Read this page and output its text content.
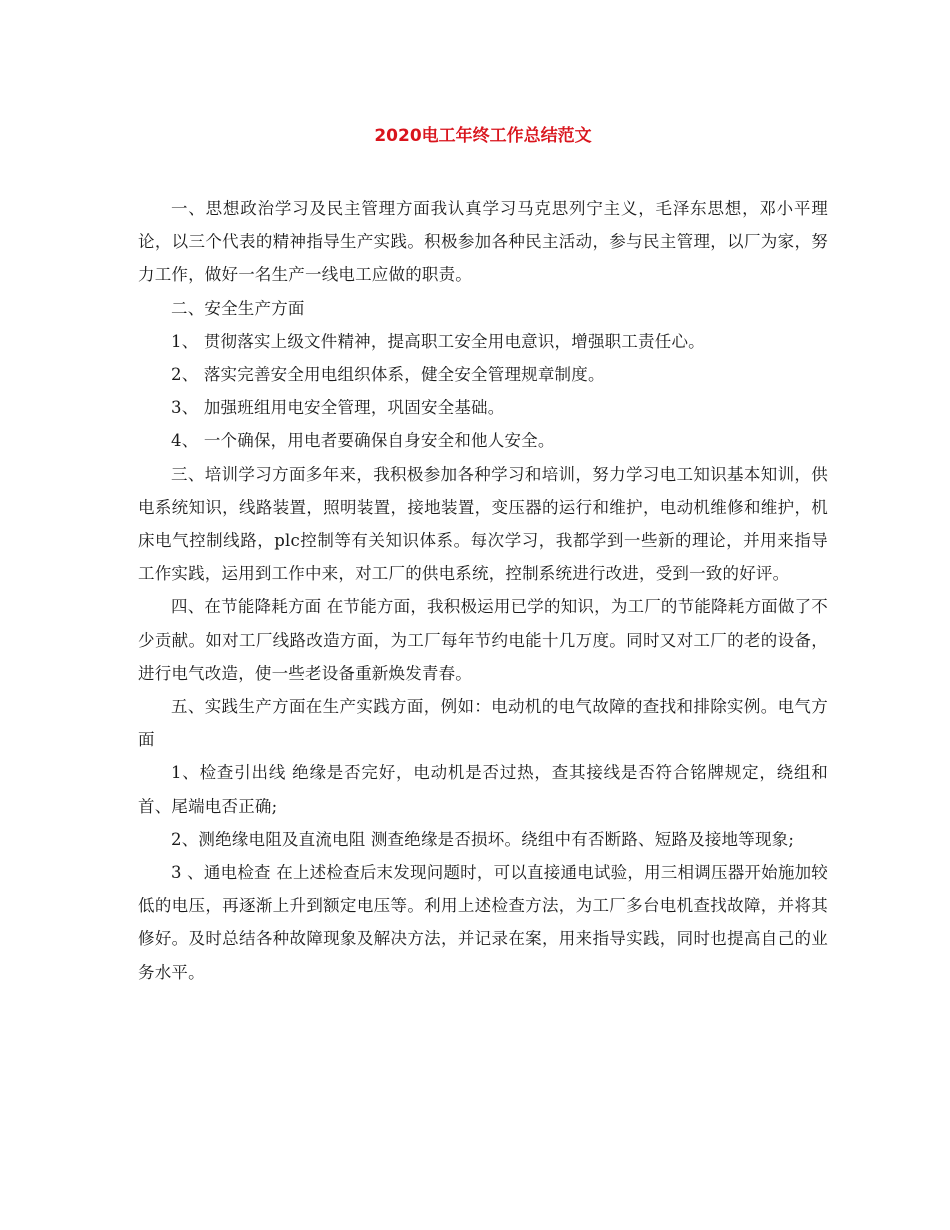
2020电工年终工作总结范文

一、思想政治学习及民主管理方面我认真学习马克思列宁主义，毛泽东思想，邓小平理论，以三个代表的精神指导生产实践。积极参加各种民主活动，参与民主管理，以厂为家，努力工作，做好一名生产一线电工应做的职责。

二、安全生产方面

1、 贯彻落实上级文件精神，提高职工安全用电意识，增强职工责任心。

2、 落实完善安全用电组织体系，健全安全管理规章制度。

3、 加强班组用电安全管理，巩固安全基础。

4、 一个确保，用电者要确保自身安全和他人安全。

三、培训学习方面多年来，我积极参加各种学习和培训，努力学习电工知识基本知训，供电系统知识，线路装置，照明装置，接地装置，变压器的运行和维护，电动机维修和维护，机床电气控制线路，plc控制等有关知识体系。每次学习，我都学到一些新的理论，并用来指导工作实践，运用到工作中来，对工厂的供电系统，控制系统进行改进，受到一致的好评。

四、在节能降耗方面 在节能方面，我积极运用已学的知识，为工厂的节能降耗方面做了不少贡献。如对工厂线路改造方面，为工厂每年节约电能十几万度。同时又对工厂的老的设备，进行电气改造，使一些老设备重新焕发青春。

五、实践生产方面在生产实践方面，例如：电动机的电气故障的查找和排除实例。电气方面

1、检查引出线 绝缘是否完好，电动机是否过热，查其接线是否符合铭牌规定，绕组和首、尾端电否正确;

2、测绝缘电阻及直流电阻 测查绝缘是否损坏。绕组中有否断路、短路及接地等现象;

3 、通电检查 在上述检查后末发现问题时，可以直接通电试验，用三相调压器开始施加较低的电压，再逐渐上升到额定电压等。利用上述检查方法，为工厂多台电机查找故障，并将其修好。及时总结各种故障现象及解决方法，并记录在案，用来指导实践，同时也提高自己的业务水平。
